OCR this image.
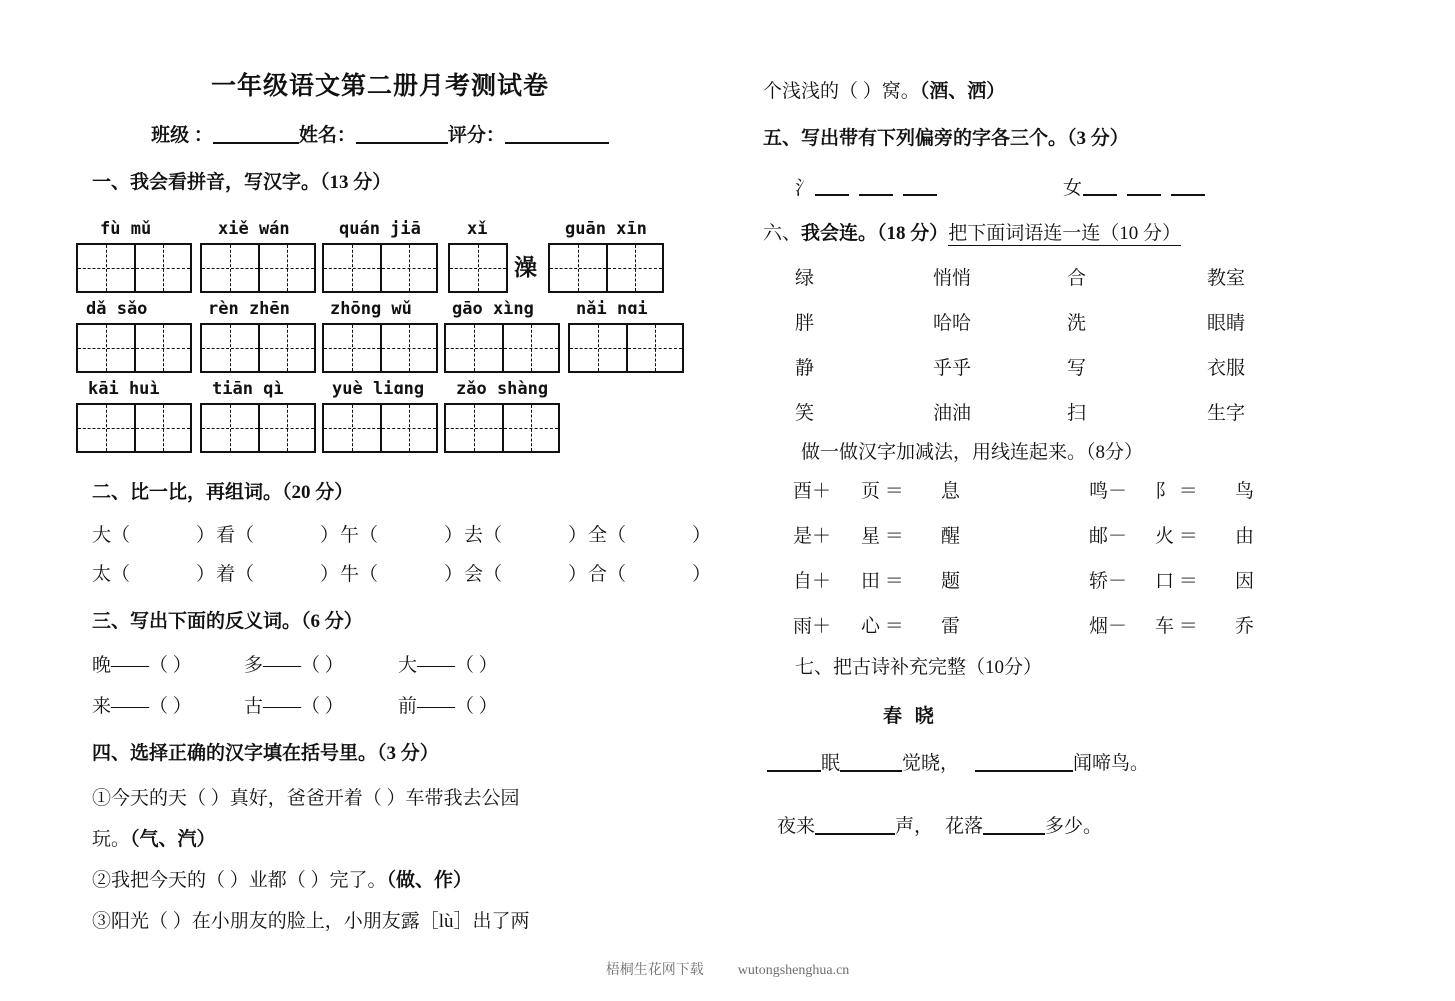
一年级语文第二册月考测试卷
班级 ：	姓名：	评分：
一、我会看拼音，写汉字。（13 分）
fù mǔ	xiě wán	quán jiā	xǐ	guān xīn
澡
dǎ sǎo	rèn zhēn	zhōng wǔ	gāo xìng	nǎi nɑi
kāi huì	tiān qì	yuè liɑng	zǎo shàng
二、比一比，再组词。（20 分）
大（	）看（	）午（	）去（	）全（	）
太（	）着（	）牛（	）会（	）合（	）
三、写出下面的反义词。（6 分）
晚——（ ）	多——（ ）	大——（ ）
来——（ ）	古——（ ）	前——（ ）
四、选择正确的汉字填在括号里。（3 分）
①今天的天（ ）真好，爸爸开着（ ）车带我去公园
玩。（气、汽）
②我把今天的（ ）业都（ ）完了。（做、作）
③阳光（ ）在小朋友的脸上，小朋友露［lù］出了两
个浅浅的（ ）窝。（酒、洒）
五、写出带有下列偏旁的字各三个。（3 分）
氵	女
六、我会连。（18 分）把下面词语连一连（10 分）
绿	悄悄	合	教室
胖	哈哈	洗	眼睛
静	乎乎	写	衣服
笑	油油	扫	生字
做一做汉字加减法，用线连起来。（8分）
酉＋	页 ＝	息	鸣－	阝 ＝	鸟
是＋	星 ＝	醒	邮－	火 ＝	由
自＋	田 ＝	题	轿－	口 ＝	因
雨＋	心 ＝	雷	烟－	车 ＝	乔
七、把古诗补充完整（10分）
春 晓
眠	觉晓，	闻啼鸟。
夜来	声， 花落	多少。
梧桐生花网下载 wutongshenghua.cn
